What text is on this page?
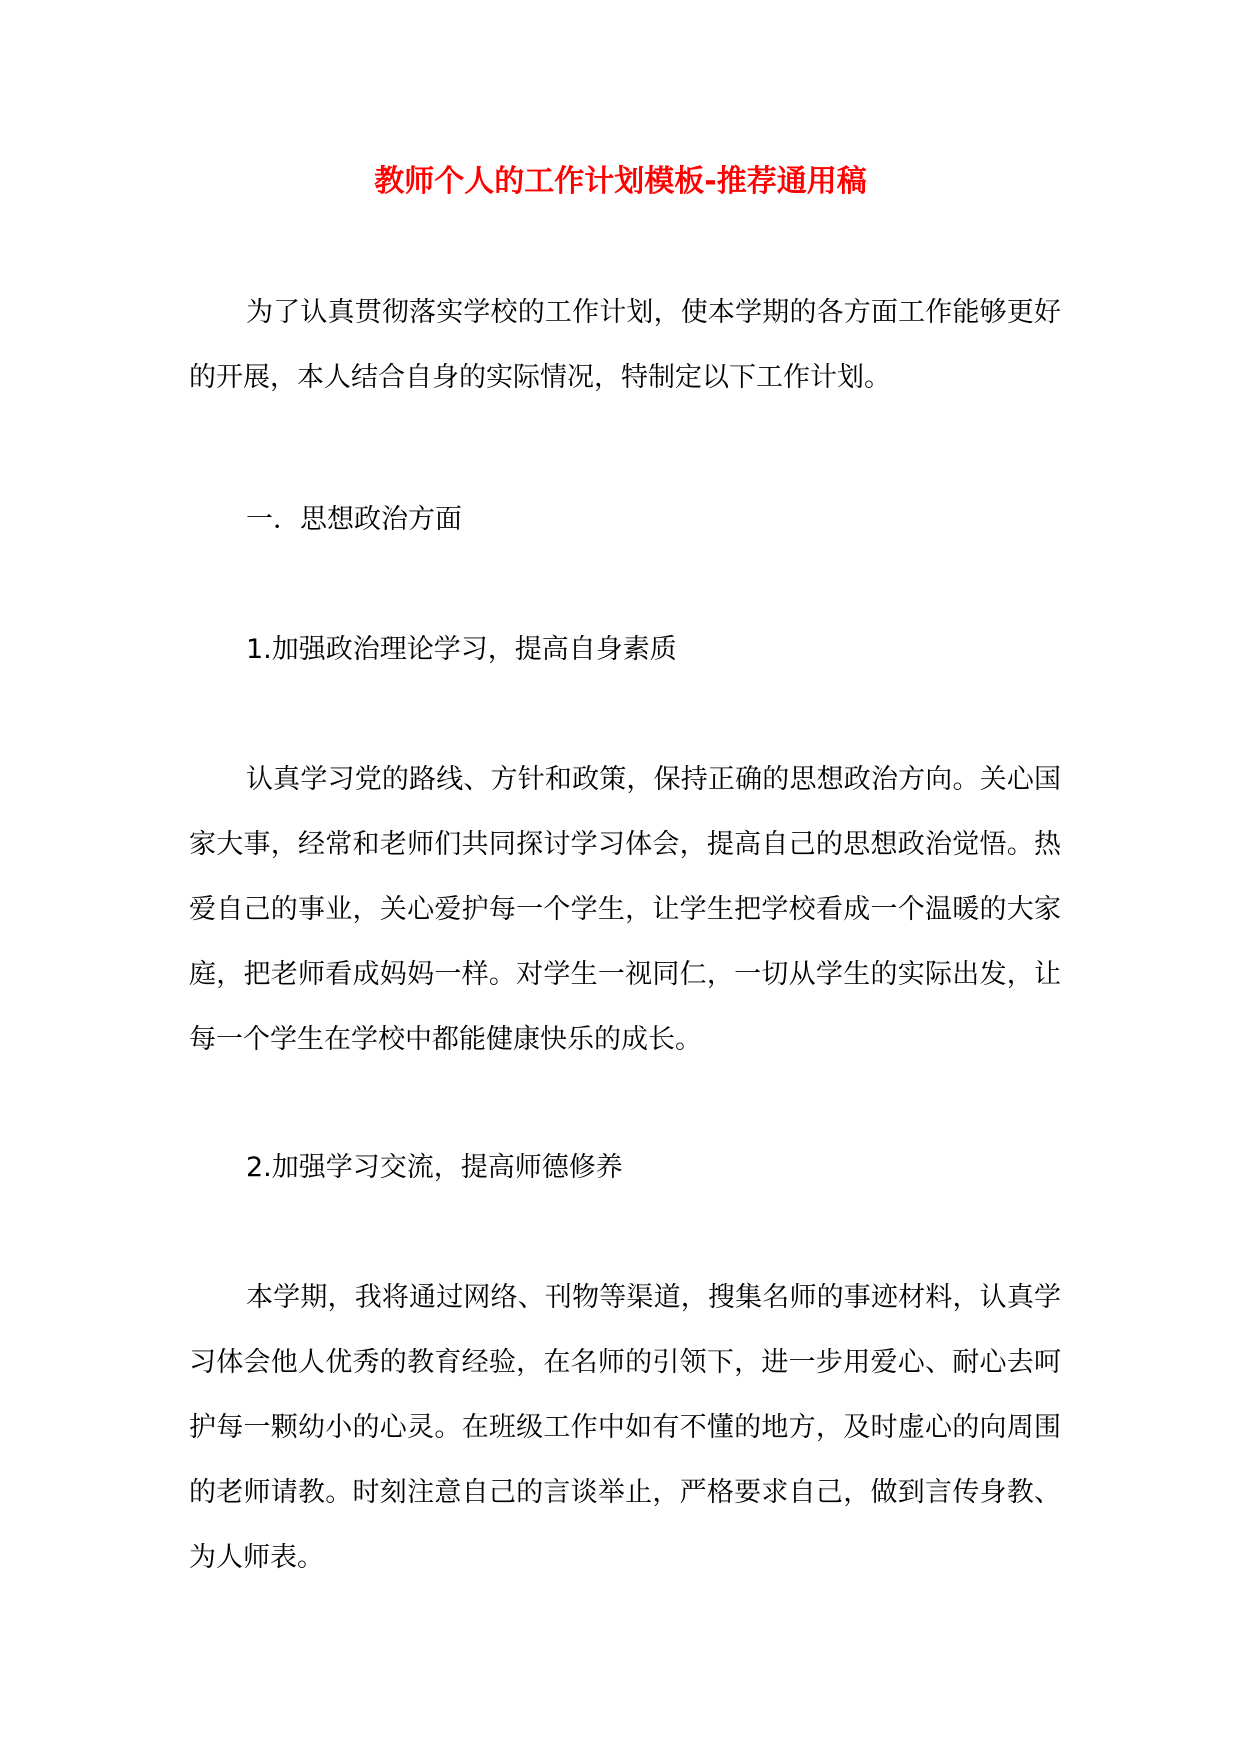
教师个人的工作计划模板-推荐通用稿
为了认真贯彻落实学校的工作计划，使本学期的各方面工作能够更好的开展，本人结合自身的实际情况，特制定以下工作计划。
一．思想政治方面
1.加强政治理论学习，提高自身素质
认真学习党的路线、方针和政策，保持正确的思想政治方向。关心国家大事，经常和老师们共同探讨学习体会，提高自己的思想政治觉悟。热爱自己的事业，关心爱护每一个学生，让学生把学校看成一个温暖的大家庭，把老师看成妈妈一样。对学生一视同仁，一切从学生的实际出发，让每一个学生在学校中都能健康快乐的成长。
2.加强学习交流，提高师德修养
本学期，我将通过网络、刊物等渠道，搜集名师的事迹材料，认真学习体会他人优秀的教育经验，在名师的引领下，进一步用爱心、耐心去呵护每一颗幼小的心灵。在班级工作中如有不懂的地方，及时虚心的向周围的老师请教。时刻注意自己的言谈举止，严格要求自己，做到言传身教、为人师表。
